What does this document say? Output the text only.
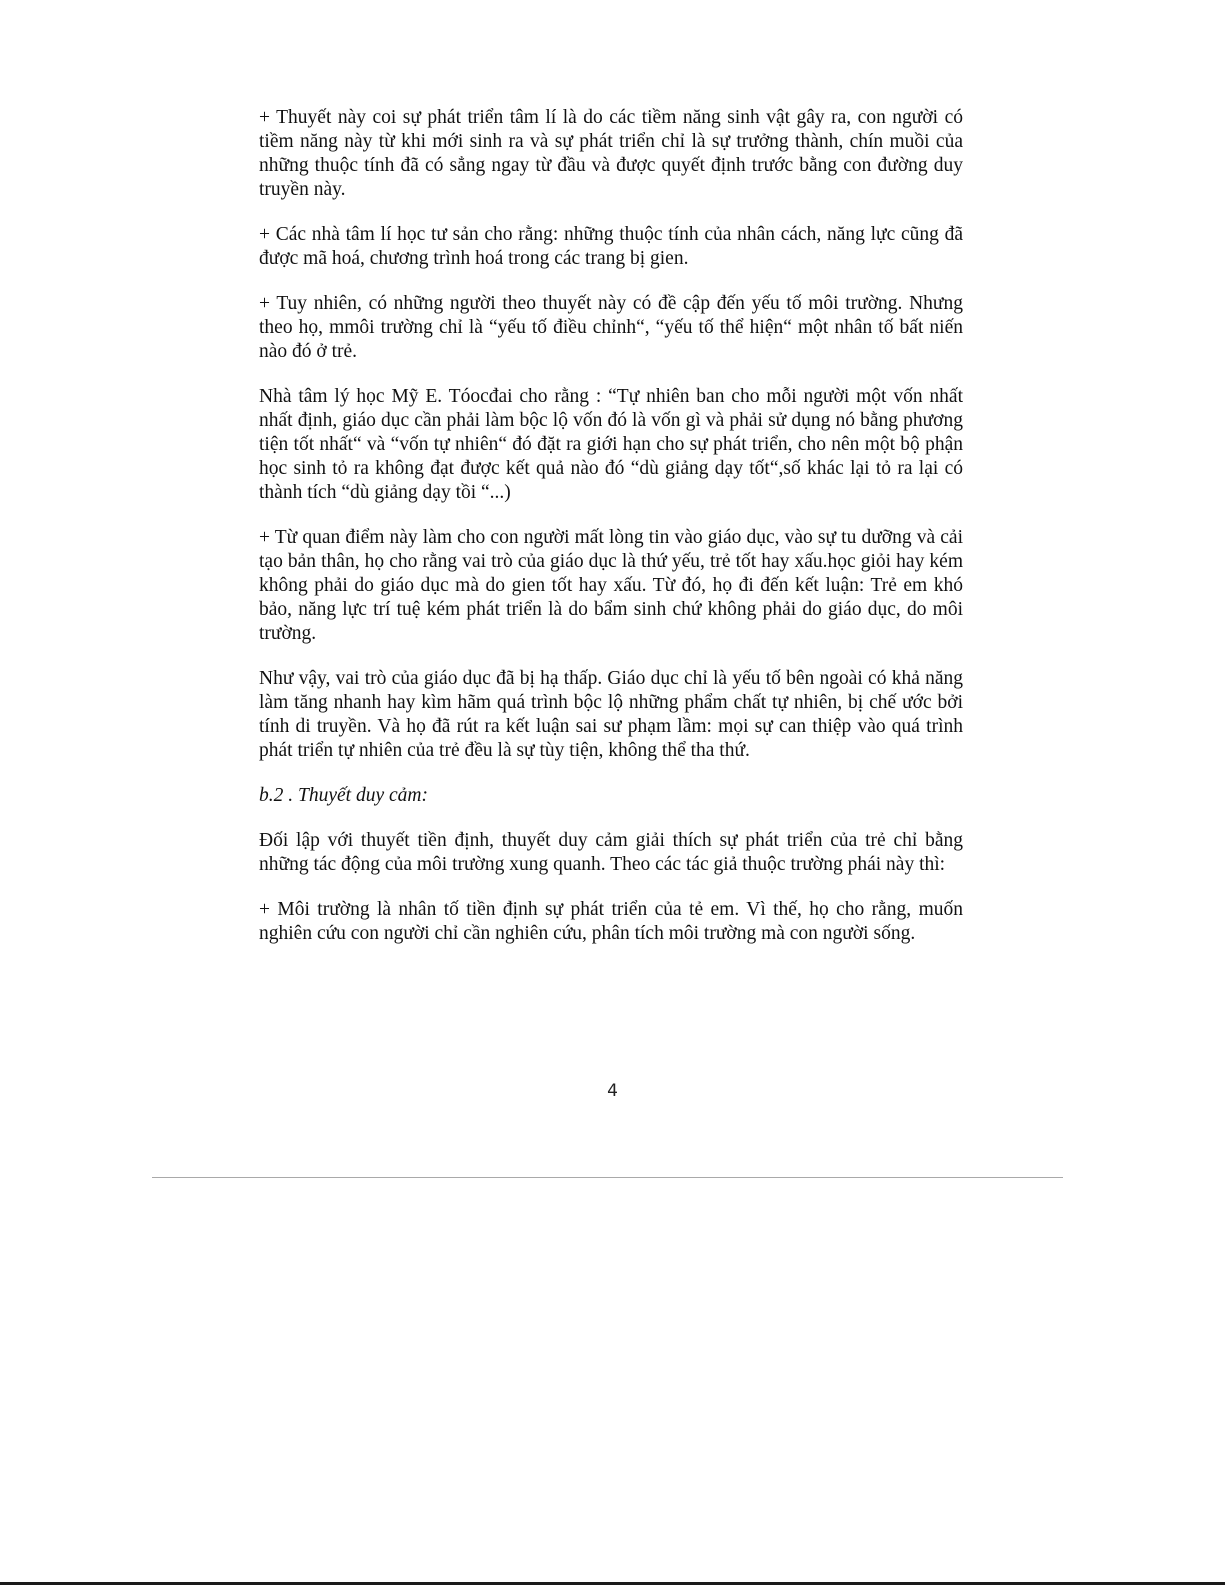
+ Thuyết này coi sự phát triển tâm lí là do các tiềm năng sinh vật gây ra, con người có tiềm năng này từ khi mới sinh ra và sự phát triển chỉ là sự trưởng thành, chín muồi của những thuộc tính đã có sẳng ngay từ đầu và được quyết định trước bằng con đường duy truyền này.

+ Các nhà tâm lí học tư sản cho rằng: những thuộc tính của nhân cách, năng lực cũng đã được mã hoá, chương trình hoá trong các trang bị gien.

+ Tuy nhiên, có những người theo thuyết này có đề cập đến yếu tố môi trường. Nhưng theo họ, mmôi trường chỉ là “yếu tố điều chỉnh“, “yếu tố thể hiện“ một nhân tố bất niến nào đó ở trẻ.

Nhà tâm lý học Mỹ E. Tóocđai cho rằng : “Tự nhiên ban cho mỗi người một vốn nhất nhất định, giáo dục cần phải làm bộc lộ vốn đó là vốn gì và phải sử dụng nó bằng phương tiện tốt nhất“ và “vốn tự nhiên“ đó đặt ra giới hạn cho sự phát triển, cho nên một bộ phận học sinh tỏ ra không đạt được kết quả nào đó “dù giảng dạy tốt“,số khác lại tỏ ra lại có thành tích “dù giảng dạy tồi “...)

+ Từ quan điểm này làm cho con người mất lòng tin vào giáo dục, vào sự tu dưỡng và cải tạo bản thân, họ cho rằng vai trò của giáo dục là thứ yếu, trẻ tốt hay xấu.học giỏi hay kém không phải do giáo dục mà do gien tốt hay xấu. Từ đó, họ đi đến kết luận: Trẻ em khó bảo, năng lực trí tuệ kém phát triển là do bẩm sinh chứ không phải do giáo dục, do môi trường.

Như vậy, vai trò của giáo dục đã bị hạ thấp. Giáo dục chỉ là yếu tố bên ngoài có khả năng làm tăng nhanh hay kìm hãm quá trình bộc lộ những phẩm chất tự nhiên, bị chế ước bởi tính di truyền. Và họ đã rút ra kết luận sai sư phạm lầm: mọi sự can thiệp vào quá trình phát triển tự nhiên của trẻ đều là sự tùy tiện, không thể tha thứ.

b.2 . Thuyết duy cảm:

Đối lập với thuyết tiền định, thuyết duy cảm giải thích sự phát triển của trẻ chỉ bằng những tác động của môi trường xung quanh. Theo các tác giả thuộc trường phái này thì:

+ Môi trường là nhân tố tiền định sự phát triển của tẻ em. Vì thế, họ cho rằng, muốn nghiên cứu con người chỉ cần nghiên cứu, phân tích môi trường mà con người sống.

4
